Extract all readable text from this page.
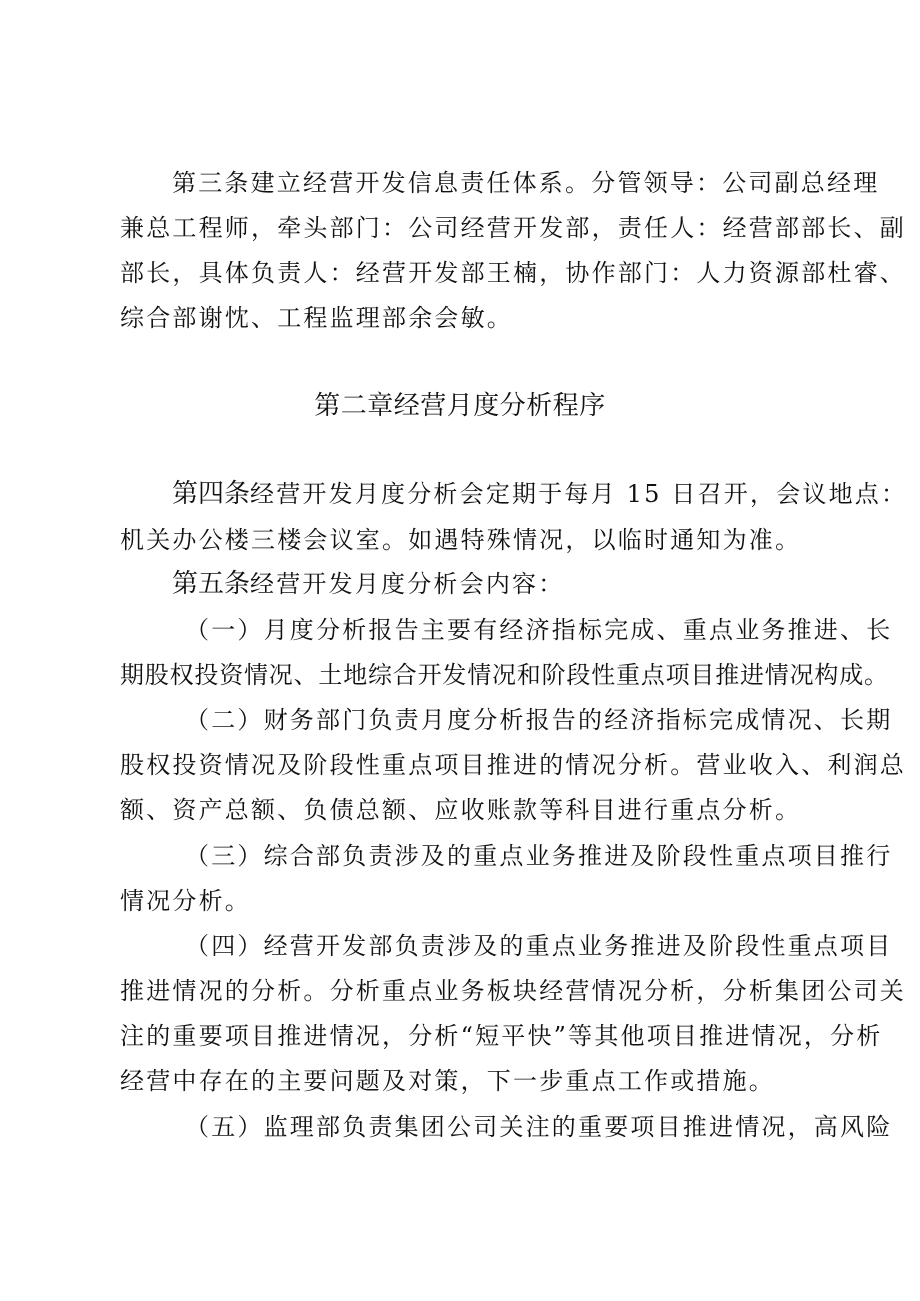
第三条建立经营开发信息责任体系。分管领导：公司副总经理
兼总工程师，牵头部门：公司经营开发部，责任人：经营部部长、副
部长，具体负责人：经营开发部王楠，协作部门：人力资源部杜睿、
综合部谢忱、工程监理部余会敏。
第二章经营月度分析程序
第四条经营开发月度分析会定期于每月 15 日召开，会议地点：
机关办公楼三楼会议室。如遇特殊情况，以临时通知为准。
第五条经营开发月度分析会内容：
（一）月度分析报告主要有经济指标完成、重点业务推进、长
期股权投资情况、土地综合开发情况和阶段性重点项目推进情况构成。
（二）财务部门负责月度分析报告的经济指标完成情况、长期
股权投资情况及阶段性重点项目推进的情况分析。营业收入、利润总
额、资产总额、负债总额、应收账款等科目进行重点分析。
（三）综合部负责涉及的重点业务推进及阶段性重点项目推行
情况分析。
（四）经营开发部负责涉及的重点业务推进及阶段性重点项目
推进情况的分析。分析重点业务板块经营情况分析，分析集团公司关
注的重要项目推进情况，分析“短平快”等其他项目推进情况，分析
经营中存在的主要问题及对策，下一步重点工作或措施。
（五）监理部负责集团公司关注的重要项目推进情况，高风险
